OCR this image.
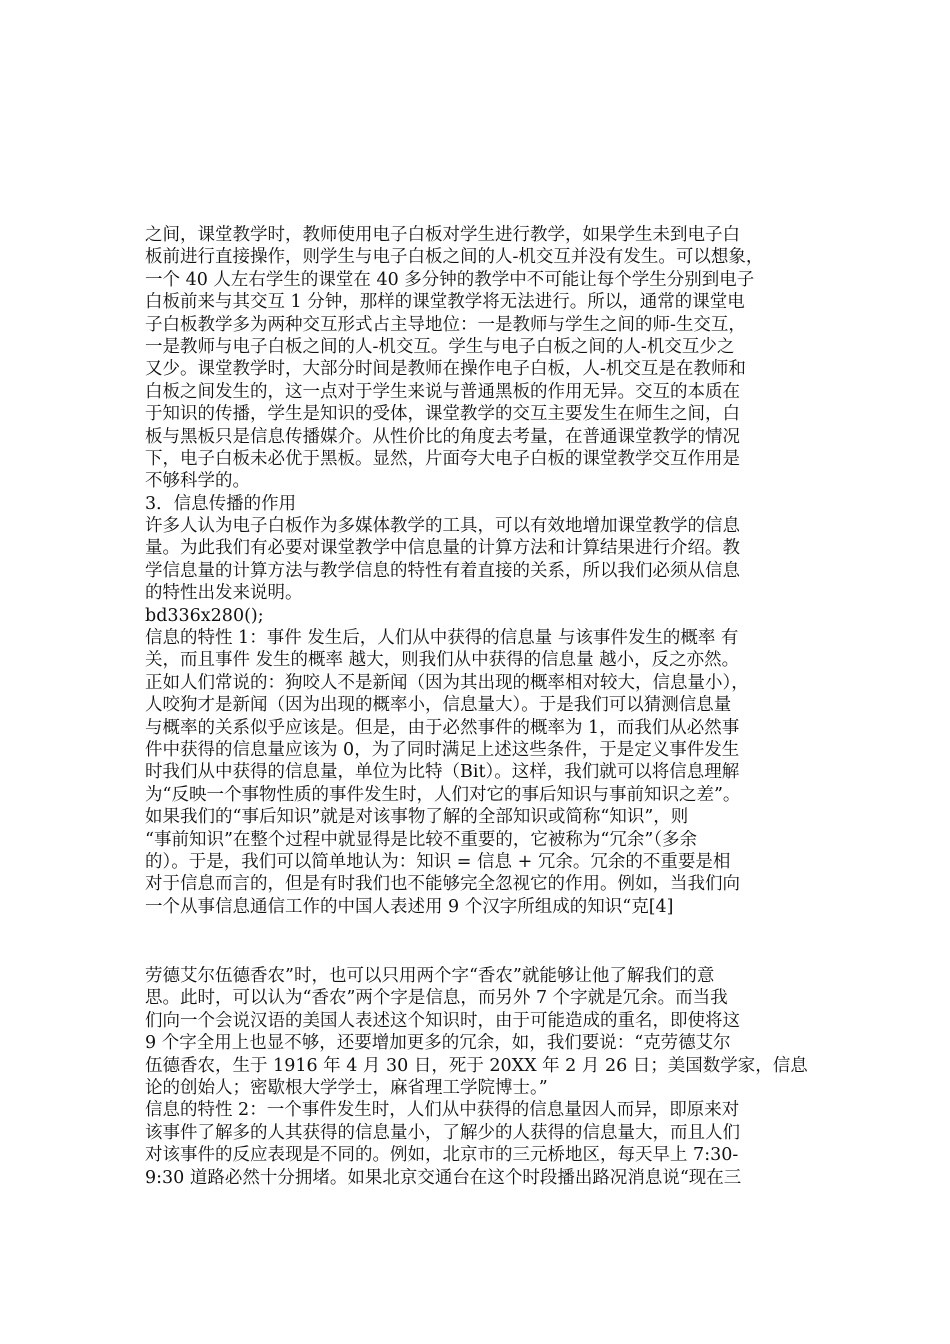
之间，课堂教学时，教师使用电子白板对学生进行教学，如果学生未到电子白
板前进行直接操作，则学生与电子白板之间的人-机交互并没有发生。可以想象，
一个 40 人左右学生的课堂在 40 多分钟的教学中不可能让每个学生分别到电子
白板前来与其交互 1 分钟，那样的课堂教学将无法进行。所以，通常的课堂电
子白板教学多为两种交互形式占主导地位：一是教师与学生之间的师-生交互，
一是教师与电子白板之间的人-机交互。学生与电子白板之间的人-机交互少之
又少。课堂教学时，大部分时间是教师在操作电子白板，人-机交互是在教师和
白板之间发生的，这一点对于学生来说与普通黑板的作用无异。交互的本质在
于知识的传播，学生是知识的受体，课堂教学的交互主要发生在师生之间，白
板与黑板只是信息传播媒介。从性价比的角度去考量，在普通课堂教学的情况
下，电子白板未必优于黑板。显然，片面夸大电子白板的课堂教学交互作用是
不够科学的。
3．信息传播的作用
许多人认为电子白板作为多媒体教学的工具，可以有效地增加课堂教学的信息
量。为此我们有必要对课堂教学中信息量的计算方法和计算结果进行介绍。教
学信息量的计算方法与教学信息的特性有着直接的关系，所以我们必须从信息
的特性出发来说明。
bd336x280();
信息的特性 1：事件 发生后，人们从中获得的信息量 与该事件发生的概率 有
关，而且事件 发生的概率 越大，则我们从中获得的信息量 越小，反之亦然。
正如人们常说的：狗咬人不是新闻（因为其出现的概率相对较大，信息量小），
人咬狗才是新闻（因为出现的概率小，信息量大）。于是我们可以猜测信息量
与概率的关系似乎应该是。但是，由于必然事件的概率为 1，而我们从必然事
件中获得的信息量应该为 0，为了同时满足上述这些条件，于是定义事件发生
时我们从中获得的信息量，单位为比特（Bit）。这样，我们就可以将信息理解
为“反映一个事物性质的事件发生时，人们对它的事后知识与事前知识之差”。
如果我们的“事后知识”就是对该事物了解的全部知识或简称“知识”，则
“事前知识”在整个过程中就显得是比较不重要的，它被称为“冗余”（多余
的）。于是，我们可以简单地认为：知识 = 信息 + 冗余。冗余的不重要是相
对于信息而言的，但是有时我们也不能够完全忽视它的作用。例如，当我们向
一个从事信息通信工作的中国人表述用 9 个汉字所组成的知识“克[4]
劳德艾尔伍德香农”时，也可以只用两个字“香农”就能够让他了解我们的意
思。此时，可以认为“香农”两个字是信息，而另外 7 个字就是冗余。而当我
们向一个会说汉语的美国人表述这个知识时，由于可能造成的重名，即使将这
9 个字全用上也显不够，还要增加更多的冗余，如，我们要说：“克劳德艾尔
伍德香农，生于 1916 年 4 月 30 日，死于 20XX 年 2 月 26 日；美国数学家，信息
论的创始人；密歇根大学学士，麻省理工学院博士。”
信息的特性 2：一个事件发生时，人们从中获得的信息量因人而异，即原来对
该事件了解多的人其获得的信息量小，了解少的人获得的信息量大，而且人们
对该事件的反应表现是不同的。例如，北京市的三元桥地区，每天早上 7:30-
9:30 道路必然十分拥堵。如果北京交通台在这个时段播出路况消息说“现在三
